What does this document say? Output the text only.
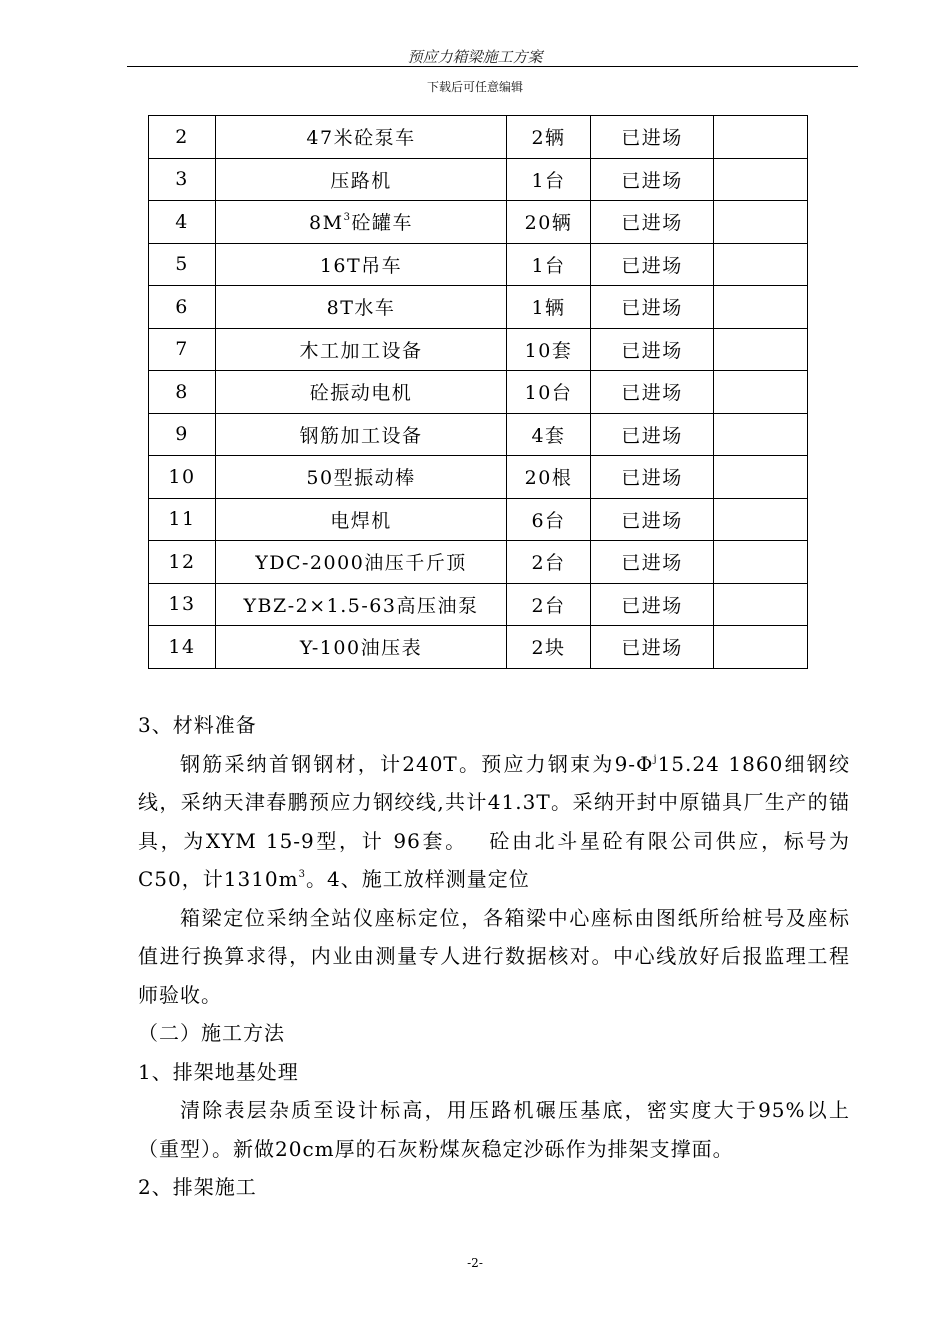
预应力箱梁施工方案
下载后可任意编辑
2	47米砼泵车	2辆	已进场	
3	压路机	1台	已进场	
4	$8M^3$砼罐车	20辆	已进场	
5	16T吊车	1台	已进场	
6	8T水车	1辆	已进场	
7	木工加工设备	10套	已进场	
8	砼振动电机	10台	已进场	
9	钢筋加工设备	4套	已进场	
10	50型振动棒	20根	已进场	
11	电焊机	6台	已进场	
12	YDC-2000油压千斤顶	2台	已进场	
13	YBZ-2×1.5-63高压油泵	2台	已进场	
14	Y-100油压表	2块	已进场	

3、材料准备

钢筋采纳首钢钢材，计240T。预应力钢束为$9-\Phi^j15.24$ 1860细钢绞线，采纳天津春鹏预应力钢绞线,共计41.3T。采纳开封中原锚具厂生产的锚具，为XYM 15-9型，计 96套。　 砼由北斗星砼有限公司供应，标号为C50，计$1310m^3$。4、施工放样测量定位

箱梁定位采纳全站仪座标定位，各箱梁中心座标由图纸所给桩号及座标值进行换算求得，内业由测量专人进行数据核对。中心线放好后报监理工程师验收。

（二）施工方法

1、排架地基处理

清除表层杂质至设计标高，用压路机碾压基底，密实度大于95%以上（重型）。新做20cm厚的石灰粉煤灰稳定沙砾作为排架支撑面。

2、排架施工

-2-
